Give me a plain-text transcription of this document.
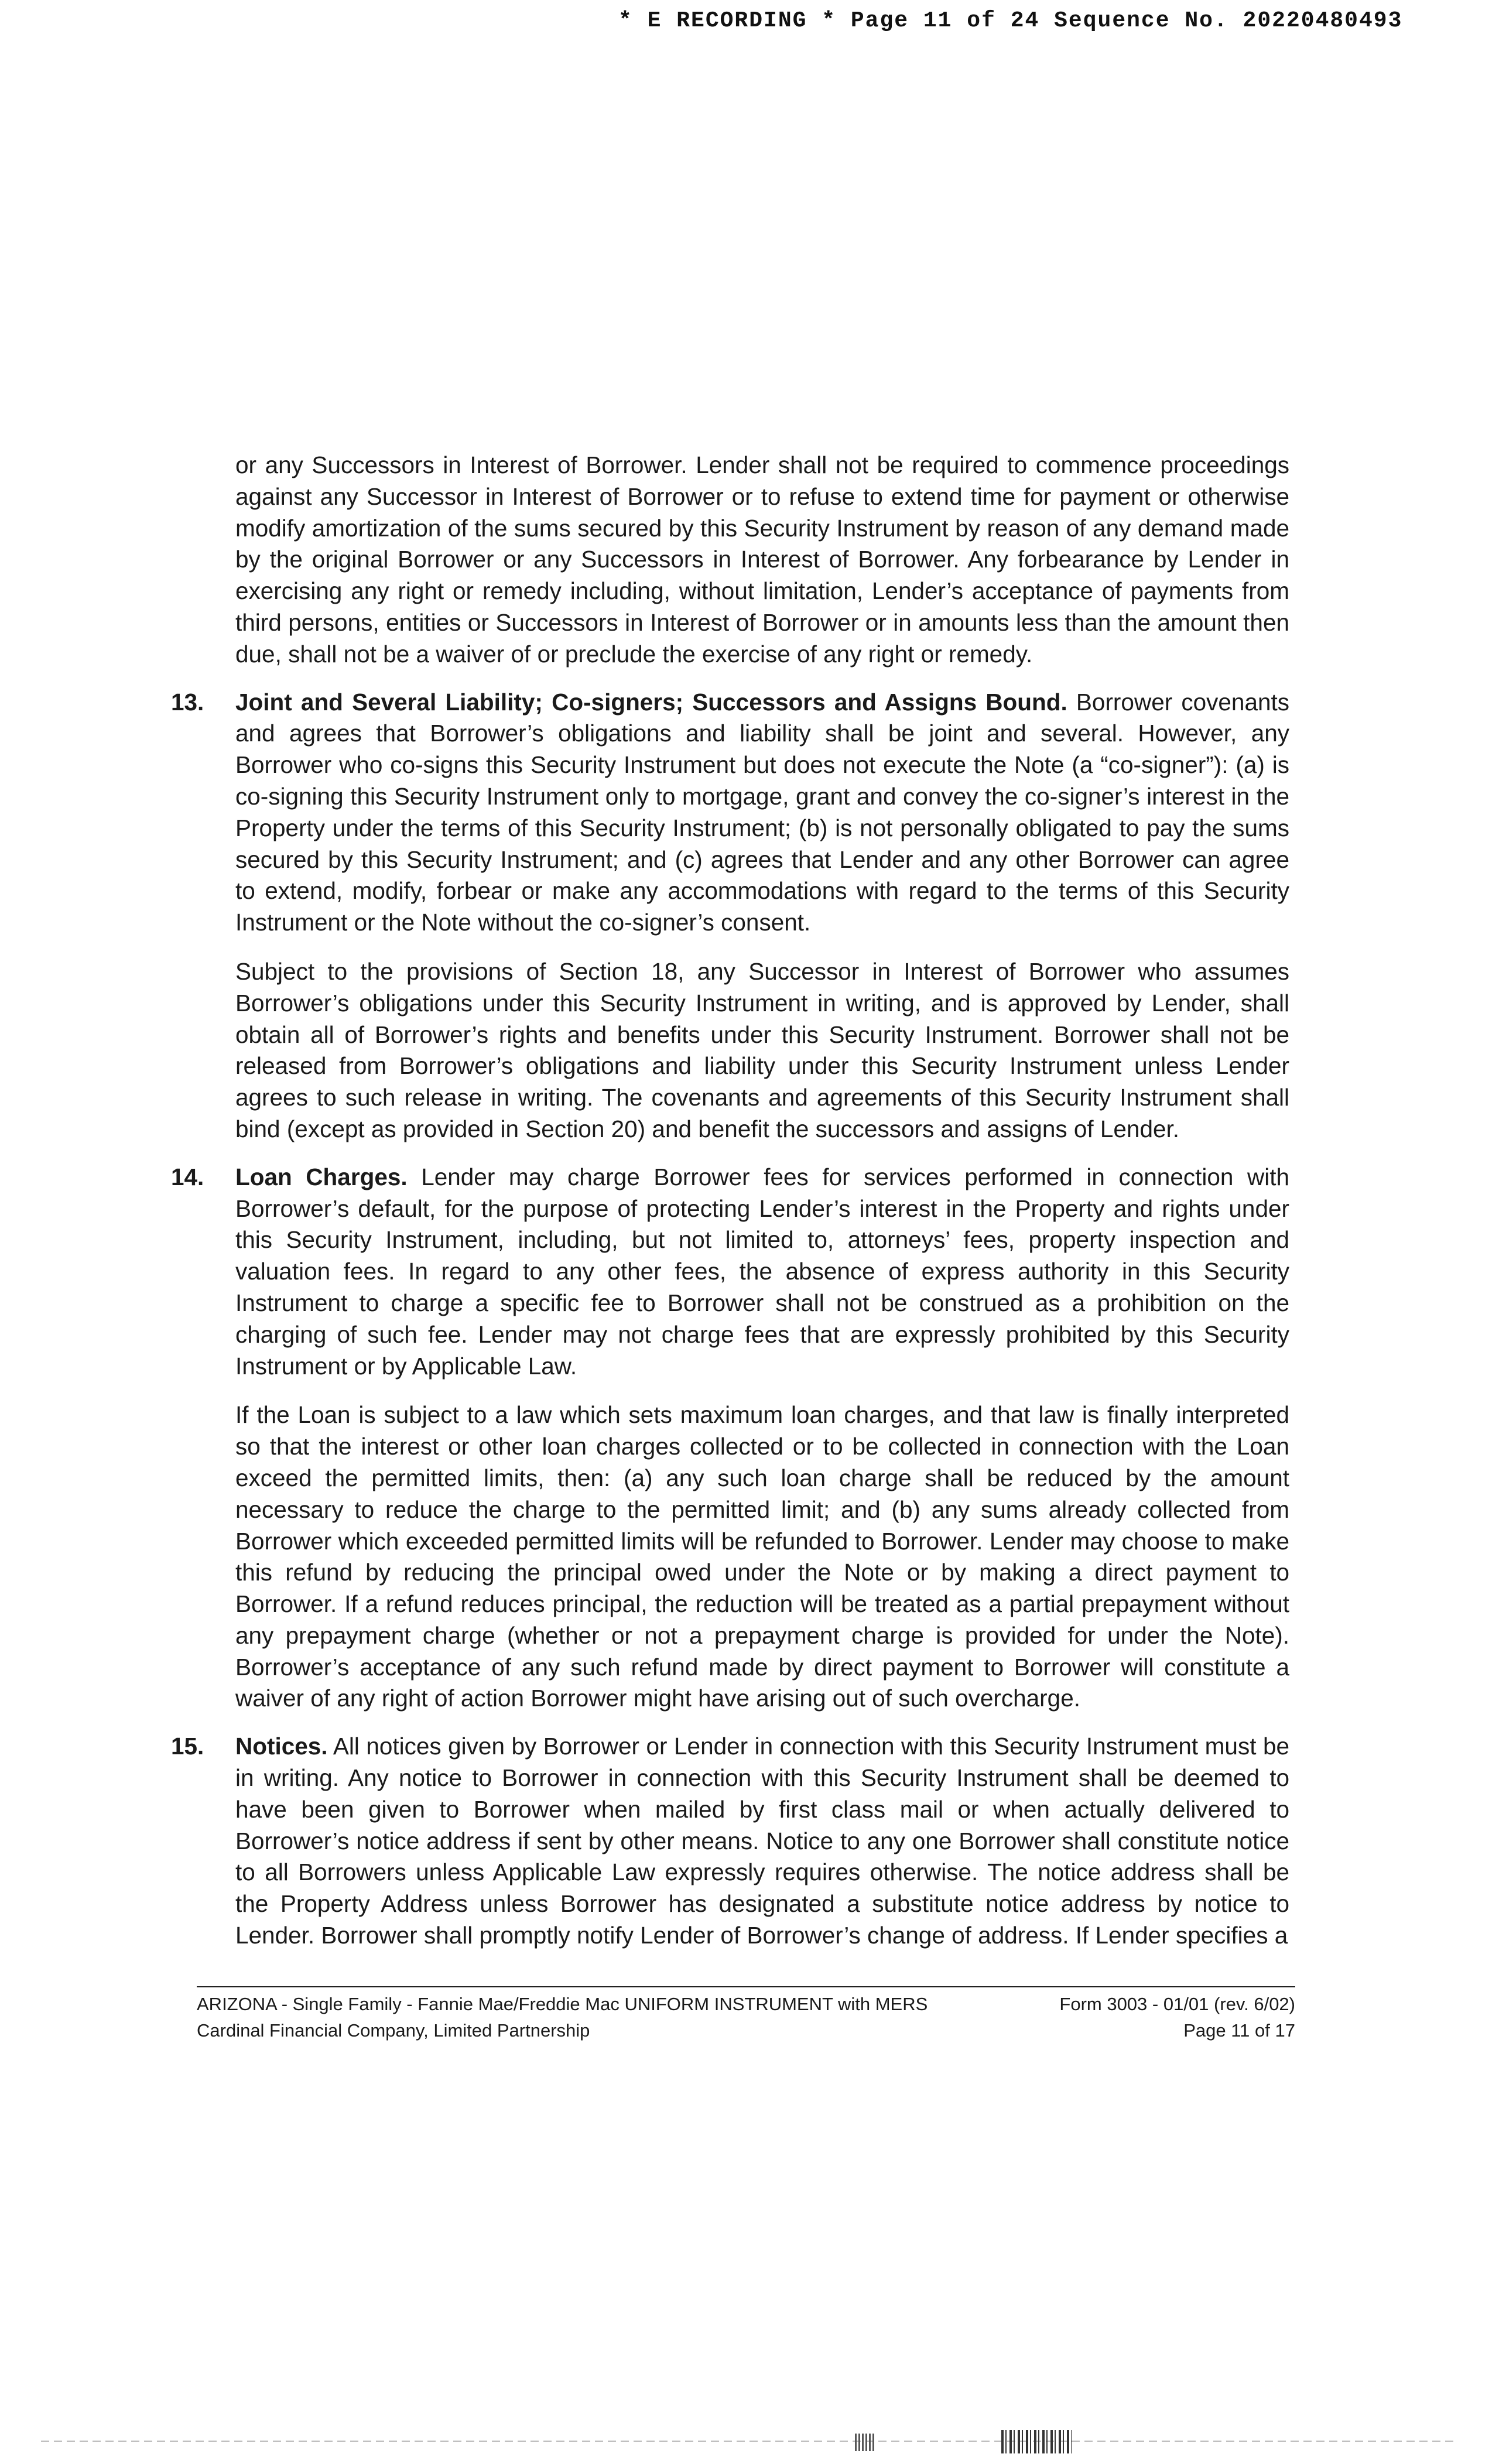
* E RECORDING * Page 11 of 24 Sequence No. 20220480493

or any Successors in Interest of Borrower. Lender shall not be required to commence proceedings against any Successor in Interest of Borrower or to refuse to extend time for payment or otherwise modify amortization of the sums secured by this Security Instrument by reason of any demand made by the original Borrower or any Successors in Interest of Borrower. Any forbearance by Lender in exercising any right or remedy including, without limitation, Lender’s acceptance of payments from third persons, entities or Successors in Interest of Borrower or in amounts less than the amount then due, shall not be a waiver of or preclude the exercise of any right or remedy.

13. Joint and Several Liability; Co-signers; Successors and Assigns Bound. Borrower covenants and agrees that Borrower’s obligations and liability shall be joint and several. However, any Borrower who co-signs this Security Instrument but does not execute the Note (a “co-signer”): (a) is co-signing this Security Instrument only to mortgage, grant and convey the co-signer’s interest in the Property under the terms of this Security Instrument; (b) is not personally obligated to pay the sums secured by this Security Instrument; and (c) agrees that Lender and any other Borrower can agree to extend, modify, forbear or make any accommodations with regard to the terms of this Security Instrument or the Note without the co-signer’s consent.

Subject to the provisions of Section 18, any Successor in Interest of Borrower who assumes Borrower’s obligations under this Security Instrument in writing, and is approved by Lender, shall obtain all of Borrower’s rights and benefits under this Security Instrument. Borrower shall not be released from Borrower’s obligations and liability under this Security Instrument unless Lender agrees to such release in writing. The covenants and agreements of this Security Instrument shall bind (except as provided in Section 20) and benefit the successors and assigns of Lender.

14. Loan Charges. Lender may charge Borrower fees for services performed in connection with Borrower’s default, for the purpose of protecting Lender’s interest in the Property and rights under this Security Instrument, including, but not limited to, attorneys’ fees, property inspection and valuation fees. In regard to any other fees, the absence of express authority in this Security Instrument to charge a specific fee to Borrower shall not be construed as a prohibition on the charging of such fee. Lender may not charge fees that are expressly prohibited by this Security Instrument or by Applicable Law.

If the Loan is subject to a law which sets maximum loan charges, and that law is finally interpreted so that the interest or other loan charges collected or to be collected in connection with the Loan exceed the permitted limits, then: (a) any such loan charge shall be reduced by the amount necessary to reduce the charge to the permitted limit; and (b) any sums already collected from Borrower which exceeded permitted limits will be refunded to Borrower. Lender may choose to make this refund by reducing the principal owed under the Note or by making a direct payment to Borrower. If a refund reduces principal, the reduction will be treated as a partial prepayment without any prepayment charge (whether or not a prepayment charge is provided for under the Note). Borrower’s acceptance of any such refund made by direct payment to Borrower will constitute a waiver of any right of action Borrower might have arising out of such overcharge.

15. Notices. All notices given by Borrower or Lender in connection with this Security Instrument must be in writing. Any notice to Borrower in connection with this Security Instrument shall be deemed to have been given to Borrower when mailed by first class mail or when actually delivered to Borrower’s notice address if sent by other means. Notice to any one Borrower shall constitute notice to all Borrowers unless Applicable Law expressly requires otherwise. The notice address shall be the Property Address unless Borrower has designated a substitute notice address by notice to Lender. Borrower shall promptly notify Lender of Borrower’s change of address. If Lender specifies a

ARIZONA - Single Family - Fannie Mae/Freddie Mac UNIFORM INSTRUMENT with MERS
Cardinal Financial Company, Limited Partnership
Form 3003 - 01/01 (rev. 6/02)
Page 11 of 17
